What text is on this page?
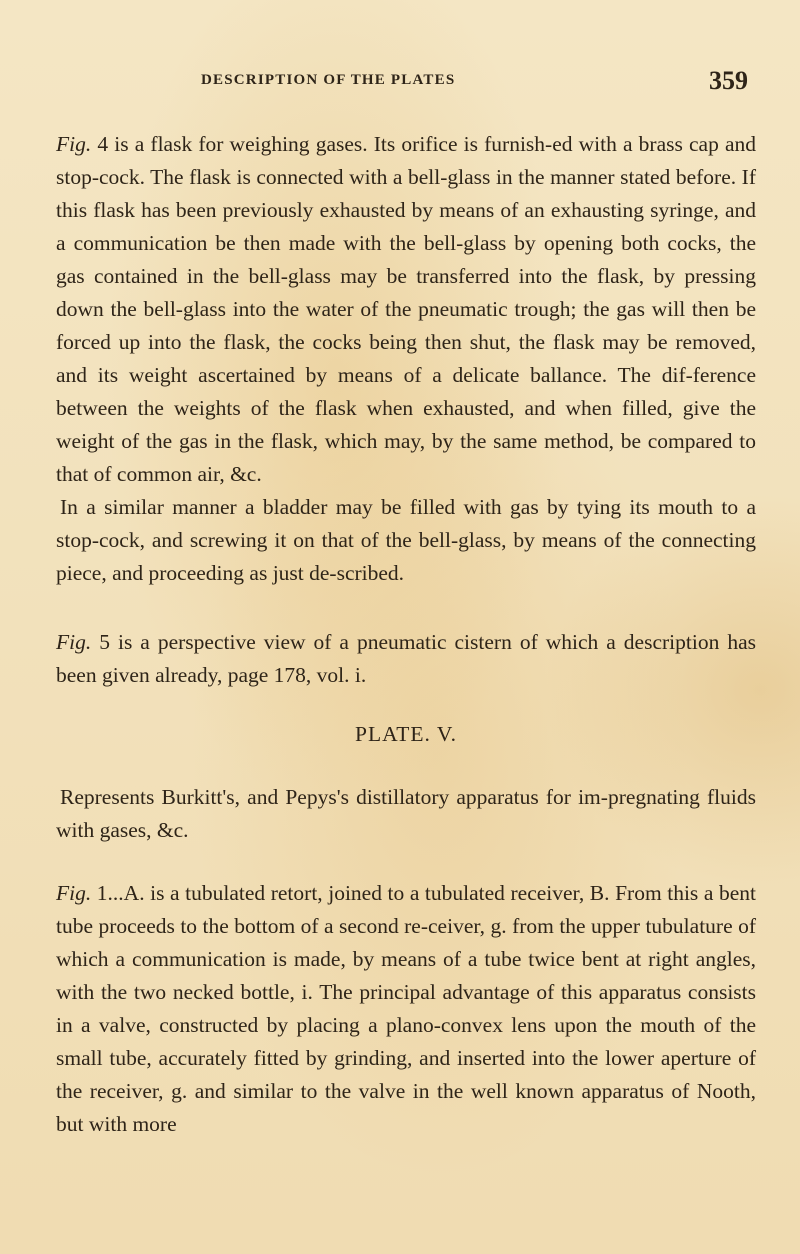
DESCRIPTION OF THE PLATES	359

Fig. 4 is a flask for weighing gases. Its orifice is furnish-ed with a brass cap and stop-cock. The flask is connected with a bell-glass in the manner stated before. If this flask has been previously exhausted by means of an exhausting syringe, and a communication be then made with the bell-glass by opening both cocks, the gas contained in the bell-glass may be transferred into the flask, by pressing down the bell-glass into the water of the pneumatic trough; the gas will then be forced up into the flask, the cocks being then shut, the flask may be removed, and its weight ascertained by means of a delicate ballance. The dif-ference between the weights of the flask when exhausted, and when filled, give the weight of the gas in the flask, which may, by the same method, be compared to that of common air, &c.

In a similar manner a bladder may be filled with gas by tying its mouth to a stop-cock, and screwing it on that of the bell-glass, by means of the connecting piece, and proceeding as just de-scribed.

Fig. 5 is a perspective view of a pneumatic cistern of which a description has been given already, page 178, vol. i.

PLATE. V.

Represents Burkitt's, and Pepys's distillatory apparatus for im-pregnating fluids with gases, &c.

Fig. 1...A. is a tubulated retort, joined to a tubulated receiver, B. From this a bent tube proceeds to the bottom of a second re-ceiver, g. from the upper tubulature of which a communication is made, by means of a tube twice bent at right angles, with the two necked bottle, i. The principal advantage of this apparatus consists in a valve, constructed by placing a plano-convex lens upon the mouth of the small tube, accurately fitted by grinding, and inserted into the lower aperture of the receiver, g. and similar to the valve in the well known apparatus of Nooth, but with more
